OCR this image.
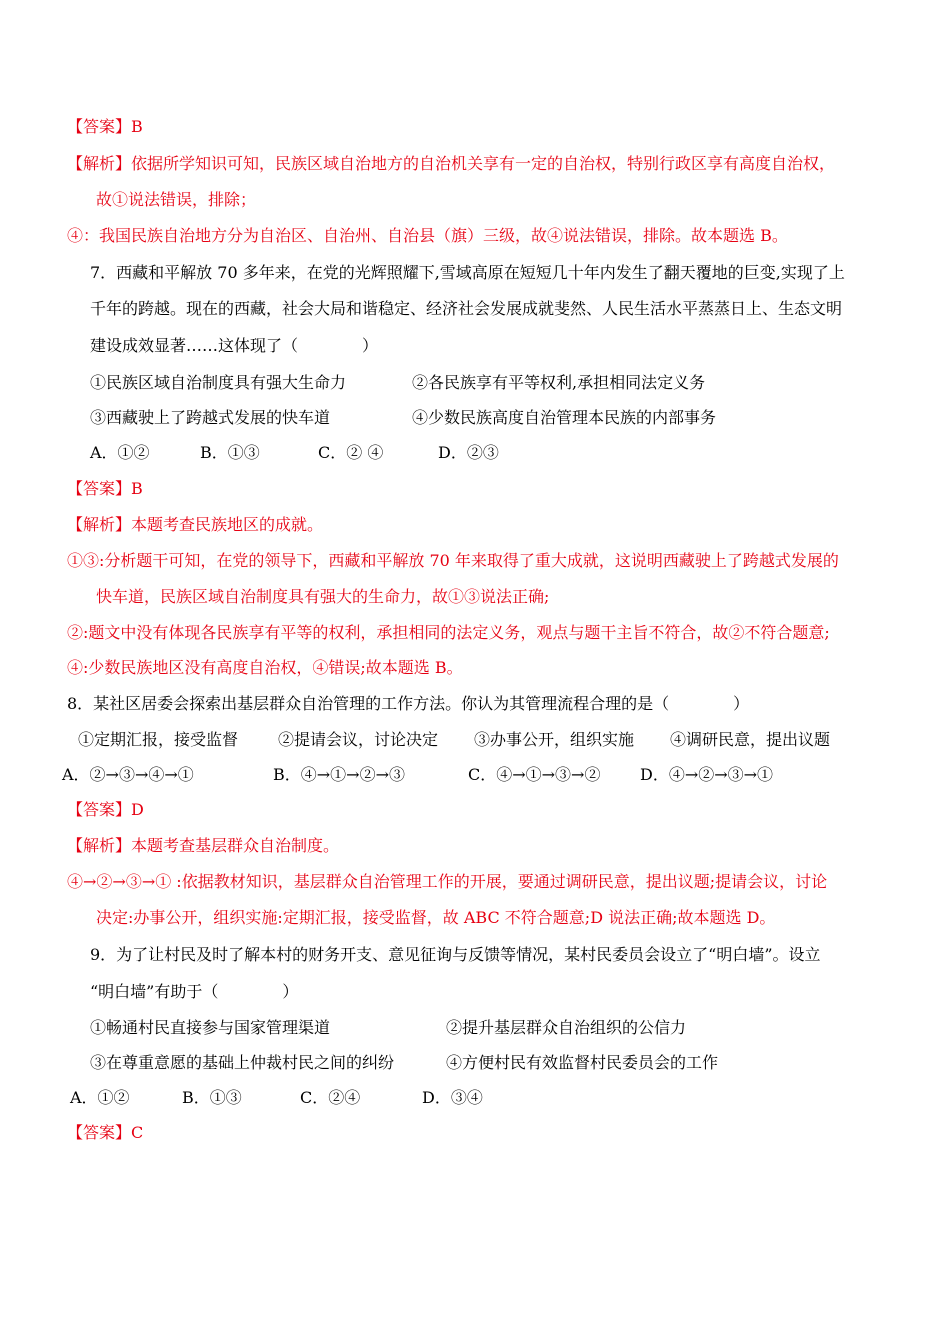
【答案】B
【解析】依据所学知识可知，民族区域自治地方的自治机关享有一定的自治权，特别行政区享有高度自治权，
故①说法错误，排除；
④：我国民族自治地方分为自治区、自治州、自治县（旗）三级，故④说法错误，排除。故本题选 B。
7．西藏和平解放 70 多年来，在党的光辉照耀下,雪域高原在短短几十年内发生了翻天覆地的巨变,实现了上
千年的跨越。现在的西藏，社会大局和谐稳定、经济社会发展成就斐然、人民生活水平蒸蒸日上、生态文明
建设成效显著……这体现了（　　　　）
①民族区域自治制度具有强大生命力	②各民族享有平等权利,承担相同法定义务
③西藏驶上了跨越式发展的快车道	④少数民族高度自治管理本民族的内部事务
A．①②	B．①③	C．② ④	D．②③
【答案】B
【解析】本题考查民族地区的成就。
①③:分析题干可知，在党的领导下，西藏和平解放 70 年来取得了重大成就，这说明西藏驶上了跨越式发展的
快车道，民族区域自治制度具有强大的生命力，故①③说法正确;
②:题文中没有体现各民族享有平等的权利，承担相同的法定义务，观点与题干主旨不符合，故②不符合题意;
④:少数民族地区没有高度自治权，④错误;故本题选 B。
8．某社区居委会探索出基层群众自治管理的工作方法。你认为其管理流程合理的是（　　　　）
①定期汇报，接受监督 ②提请会议，讨论决定 ③办事公开，组织实施 ④调研民意，提出议题
A．②→③→④→①	B．④→①→②→③	C．④→①→③→② D．④→②→③→①
【答案】D
【解析】本题考查基层群众自治制度。
④→②→③→① :依据教材知识，基层群众自治管理工作的开展，要通过调研民意，提出议题;提请会议，讨论
决定:办事公开，组织实施:定期汇报，接受监督，故 ABC 不符合题意;D 说法正确;故本题选 D。
9．为了让村民及时了解本村的财务开支、意见征询与反馈等情况，某村民委员会设立了“明白墙”。设立
“明白墙”有助于（　　　　）
①畅通村民直接参与国家管理渠道	②提升基层群众自治组织的公信力
③在尊重意愿的基础上仲裁村民之间的纠纷	④方便村民有效监督村民委员会的工作
A．①②	B．①③	C．②④	D．③④
【答案】C
